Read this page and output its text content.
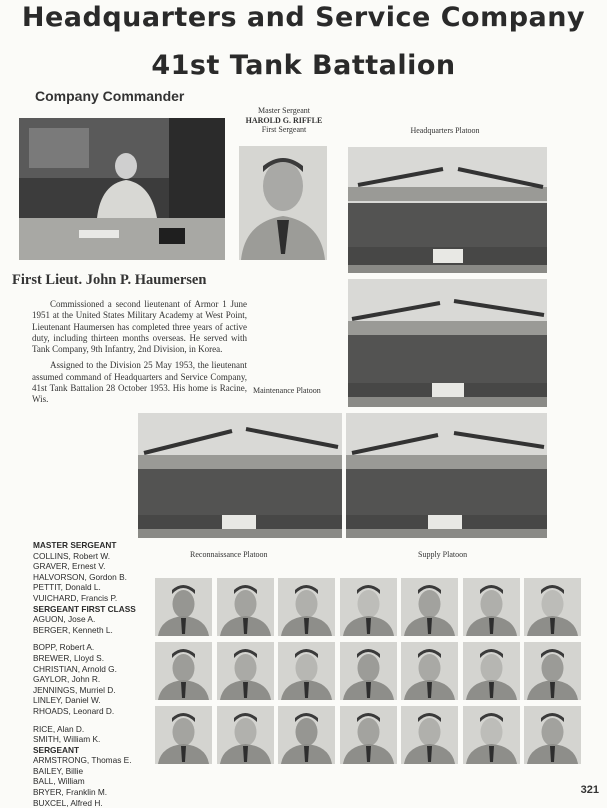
Headquarters and Service Company
41st Tank Battalion
Company Commander
Master Sergeant
HAROLD G. RIFFLE
First Sergeant	Headquarters Platoon
Maintenance Platoon
Reconnaissance Platoon	Supply Platoon
First Lieut. John P. Haumersen

Commissioned a second lieutenant of Armor 1 June 1951 at the United States Military Academy at West Point, Lieutenant Haumersen has completed three years of active duty, including thirteen months overseas. He served with Tank Company, 9th Infantry, 2nd Division, in Korea.

Assigned to the Division 25 May 1953, the lieutenant assumed command of Headquarters and Service Company, 41st Tank Battalion 28 October 1953. His home is Racine, Wis.

MASTER SERGEANT
COLLINS, Robert W.
GRAVER, Ernest V.
HALVORSON, Gordon B.
PETTIT, Donald L.
VUICHARD, Francis P.
SERGEANT FIRST CLASS
AGUON, Jose A.
BERGER, Kenneth L.
BOPP, Robert A.
BREWER, Lloyd S.
CHRISTIAN, Arnold G.
GAYLOR, John R.
JENNINGS, Murriel D.
LINLEY, Daniel W.
RHOADS, Leonard D.
RICE, Alan D.
SMITH, William K.
SERGEANT
ARMSTRONG, Thomas E.
BAILEY, Billie
BALL, William
BRYER, Franklin M.
BUXCEL, Alfred H.
321
